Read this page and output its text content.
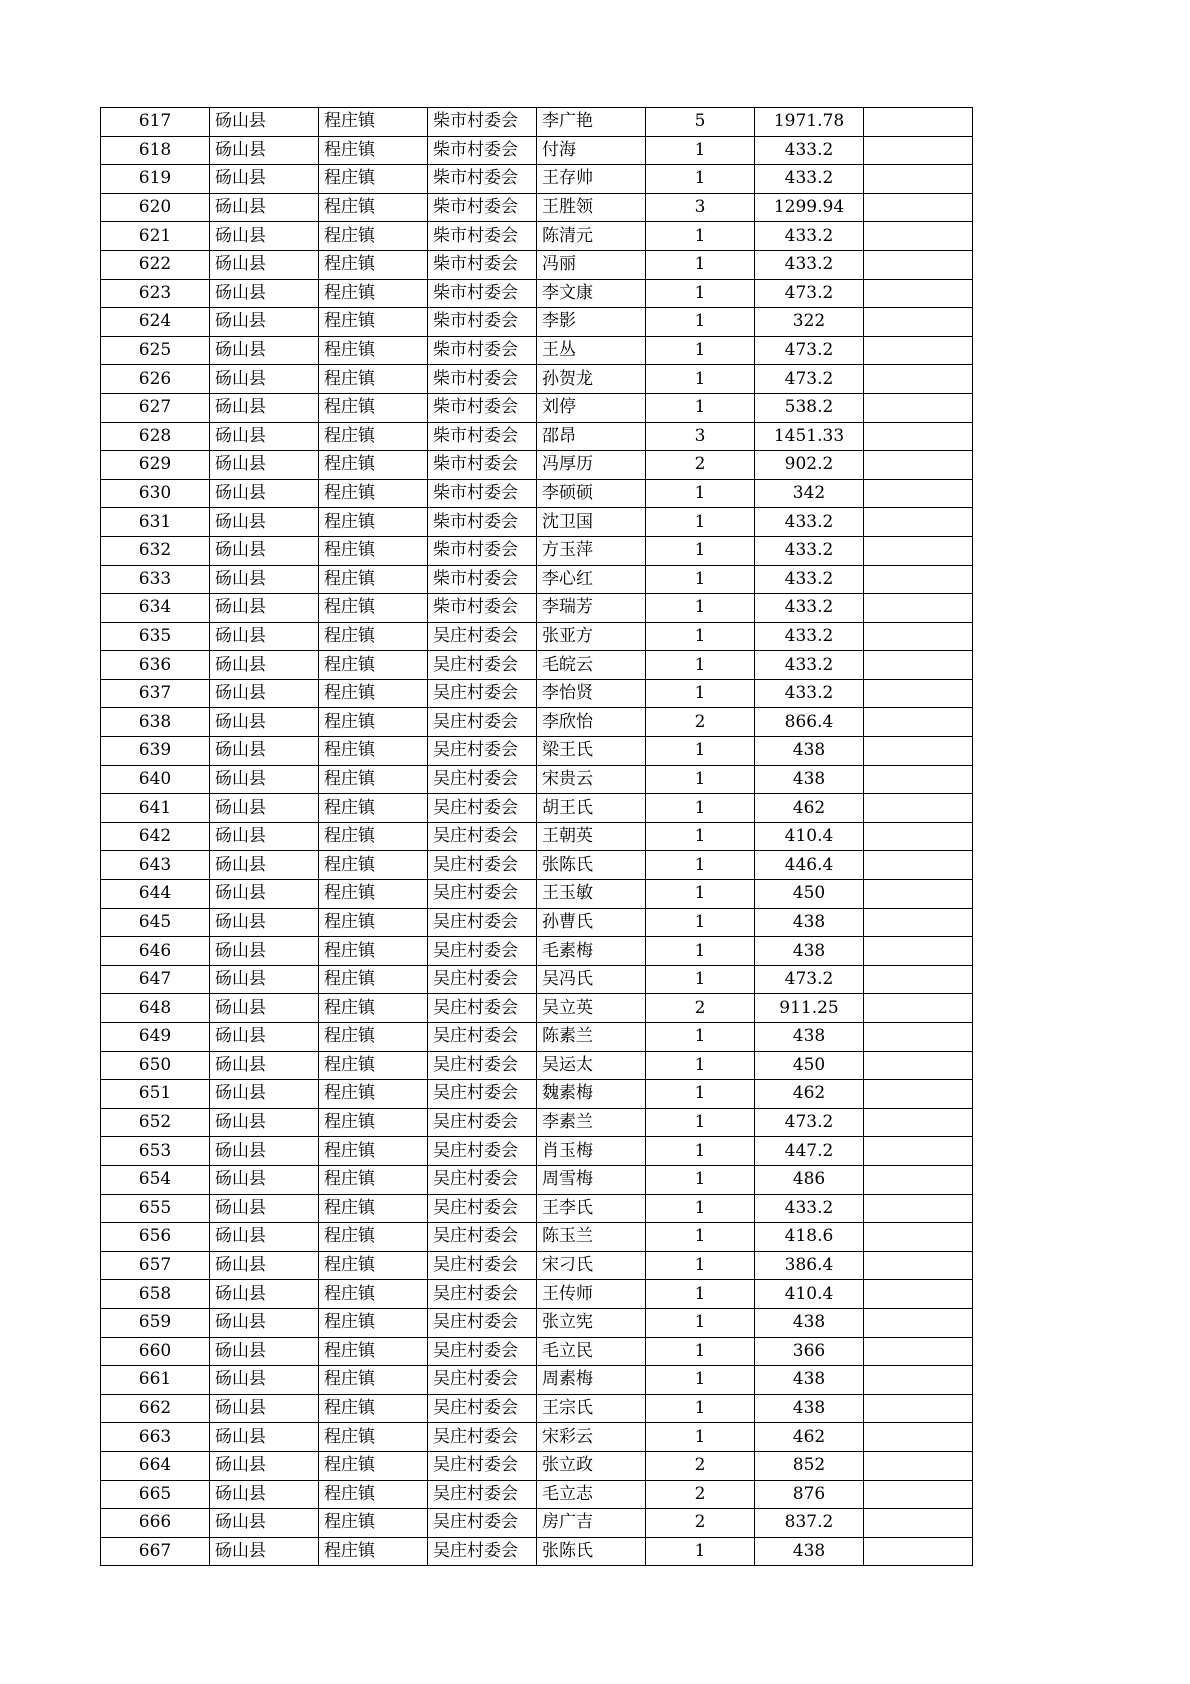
617	砀山县	程庄镇	柴市村委会	李广艳	5	1971.78	
618	砀山县	程庄镇	柴市村委会	付海	1	433.2	
619	砀山县	程庄镇	柴市村委会	王存帅	1	433.2	
620	砀山县	程庄镇	柴市村委会	王胜领	3	1299.94	
621	砀山县	程庄镇	柴市村委会	陈清元	1	433.2	
622	砀山县	程庄镇	柴市村委会	冯丽	1	433.2	
623	砀山县	程庄镇	柴市村委会	李文康	1	473.2	
624	砀山县	程庄镇	柴市村委会	李影	1	322	
625	砀山县	程庄镇	柴市村委会	王丛	1	473.2	
626	砀山县	程庄镇	柴市村委会	孙贺龙	1	473.2	
627	砀山县	程庄镇	柴市村委会	刘停	1	538.2	
628	砀山县	程庄镇	柴市村委会	邵昂	3	1451.33	
629	砀山县	程庄镇	柴市村委会	冯厚历	2	902.2	
630	砀山县	程庄镇	柴市村委会	李硕硕	1	342	
631	砀山县	程庄镇	柴市村委会	沈卫国	1	433.2	
632	砀山县	程庄镇	柴市村委会	方玉萍	1	433.2	
633	砀山县	程庄镇	柴市村委会	李心红	1	433.2	
634	砀山县	程庄镇	柴市村委会	李瑞芳	1	433.2	
635	砀山县	程庄镇	吴庄村委会	张亚方	1	433.2	
636	砀山县	程庄镇	吴庄村委会	毛皖云	1	433.2	
637	砀山县	程庄镇	吴庄村委会	李怡贤	1	433.2	
638	砀山县	程庄镇	吴庄村委会	李欣怡	2	866.4	
639	砀山县	程庄镇	吴庄村委会	梁王氏	1	438	
640	砀山县	程庄镇	吴庄村委会	宋贵云	1	438	
641	砀山县	程庄镇	吴庄村委会	胡王氏	1	462	
642	砀山县	程庄镇	吴庄村委会	王朝英	1	410.4	
643	砀山县	程庄镇	吴庄村委会	张陈氏	1	446.4	
644	砀山县	程庄镇	吴庄村委会	王玉敏	1	450	
645	砀山县	程庄镇	吴庄村委会	孙曹氏	1	438	
646	砀山县	程庄镇	吴庄村委会	毛素梅	1	438	
647	砀山县	程庄镇	吴庄村委会	吴冯氏	1	473.2	
648	砀山县	程庄镇	吴庄村委会	吴立英	2	911.25	
649	砀山县	程庄镇	吴庄村委会	陈素兰	1	438	
650	砀山县	程庄镇	吴庄村委会	吴运太	1	450	
651	砀山县	程庄镇	吴庄村委会	魏素梅	1	462	
652	砀山县	程庄镇	吴庄村委会	李素兰	1	473.2	
653	砀山县	程庄镇	吴庄村委会	肖玉梅	1	447.2	
654	砀山县	程庄镇	吴庄村委会	周雪梅	1	486	
655	砀山县	程庄镇	吴庄村委会	王李氏	1	433.2	
656	砀山县	程庄镇	吴庄村委会	陈玉兰	1	418.6	
657	砀山县	程庄镇	吴庄村委会	宋刁氏	1	386.4	
658	砀山县	程庄镇	吴庄村委会	王传师	1	410.4	
659	砀山县	程庄镇	吴庄村委会	张立宪	1	438	
660	砀山县	程庄镇	吴庄村委会	毛立民	1	366	
661	砀山县	程庄镇	吴庄村委会	周素梅	1	438	
662	砀山县	程庄镇	吴庄村委会	王宗氏	1	438	
663	砀山县	程庄镇	吴庄村委会	宋彩云	1	462	
664	砀山县	程庄镇	吴庄村委会	张立政	2	852	
665	砀山县	程庄镇	吴庄村委会	毛立志	2	876	
666	砀山县	程庄镇	吴庄村委会	房广吉	2	837.2	
667	砀山县	程庄镇	吴庄村委会	张陈氏	1	438	
